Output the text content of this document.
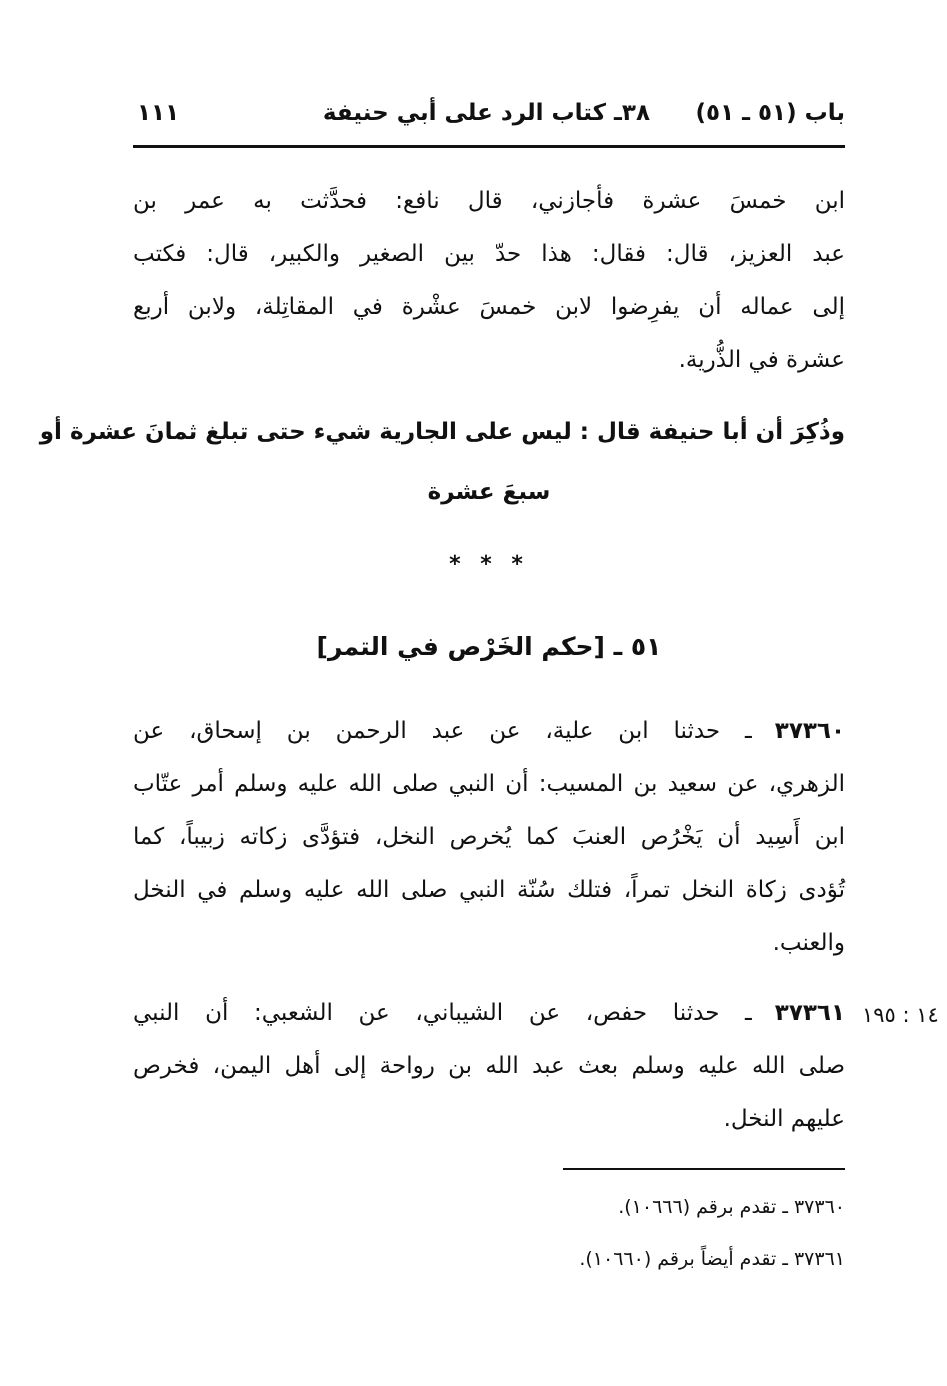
باب (٥١ ـ ٥١)
٣٨ـ كتاب الرد على أبي حنيفة
١١١
ابن خمسَ عشرة فأجازني، قال نافع: فحدَّثت به عمر بن
عبد العزيز، قال: فقال: هذا حدّ بين الصغير والكبير، قال: فكتب
إلى عماله أن يفرِضوا لابن خمسَ عشْرة في المقاتِلة، ولابن أربع
عشرة في الذُّرية.
وذُكِرَ أن أبا حنيفة قال : ليس على الجارية شيء حتى تبلغ ثمانَ عشرة أو
سبعَ عشرة
* * *
٥١ ـ [حكم الخَرْص في التمر]
٣٧٣٦٠ ـ حدثنا ابن علية، عن عبد الرحمن بن إسحاق، عن
الزهري، عن سعيد بن المسيب: أن النبي صلى الله عليه وسلم أمر عتّاب
ابن أَسِيد أن يَخْرُص العنبَ كما يُخرص النخل، فتؤدَّى زكاته زبيباً، كما
تُؤدى زكاة النخل تمراً، فتلك سُنّة النبي صلى الله عليه وسلم في النخل
والعنب.
١٤ : ١٩٥
٣٧٣٦١ ـ حدثنا حفص، عن الشيباني، عن الشعبي: أن النبي
صلى الله عليه وسلم بعث عبد الله بن رواحة إلى أهل اليمن، فخرص
عليهم النخل.
٣٧٣٦٠ ـ تقدم برقم (١٠٦٦٦).
٣٧٣٦١ ـ تقدم أيضاً برقم (١٠٦٦٠).
